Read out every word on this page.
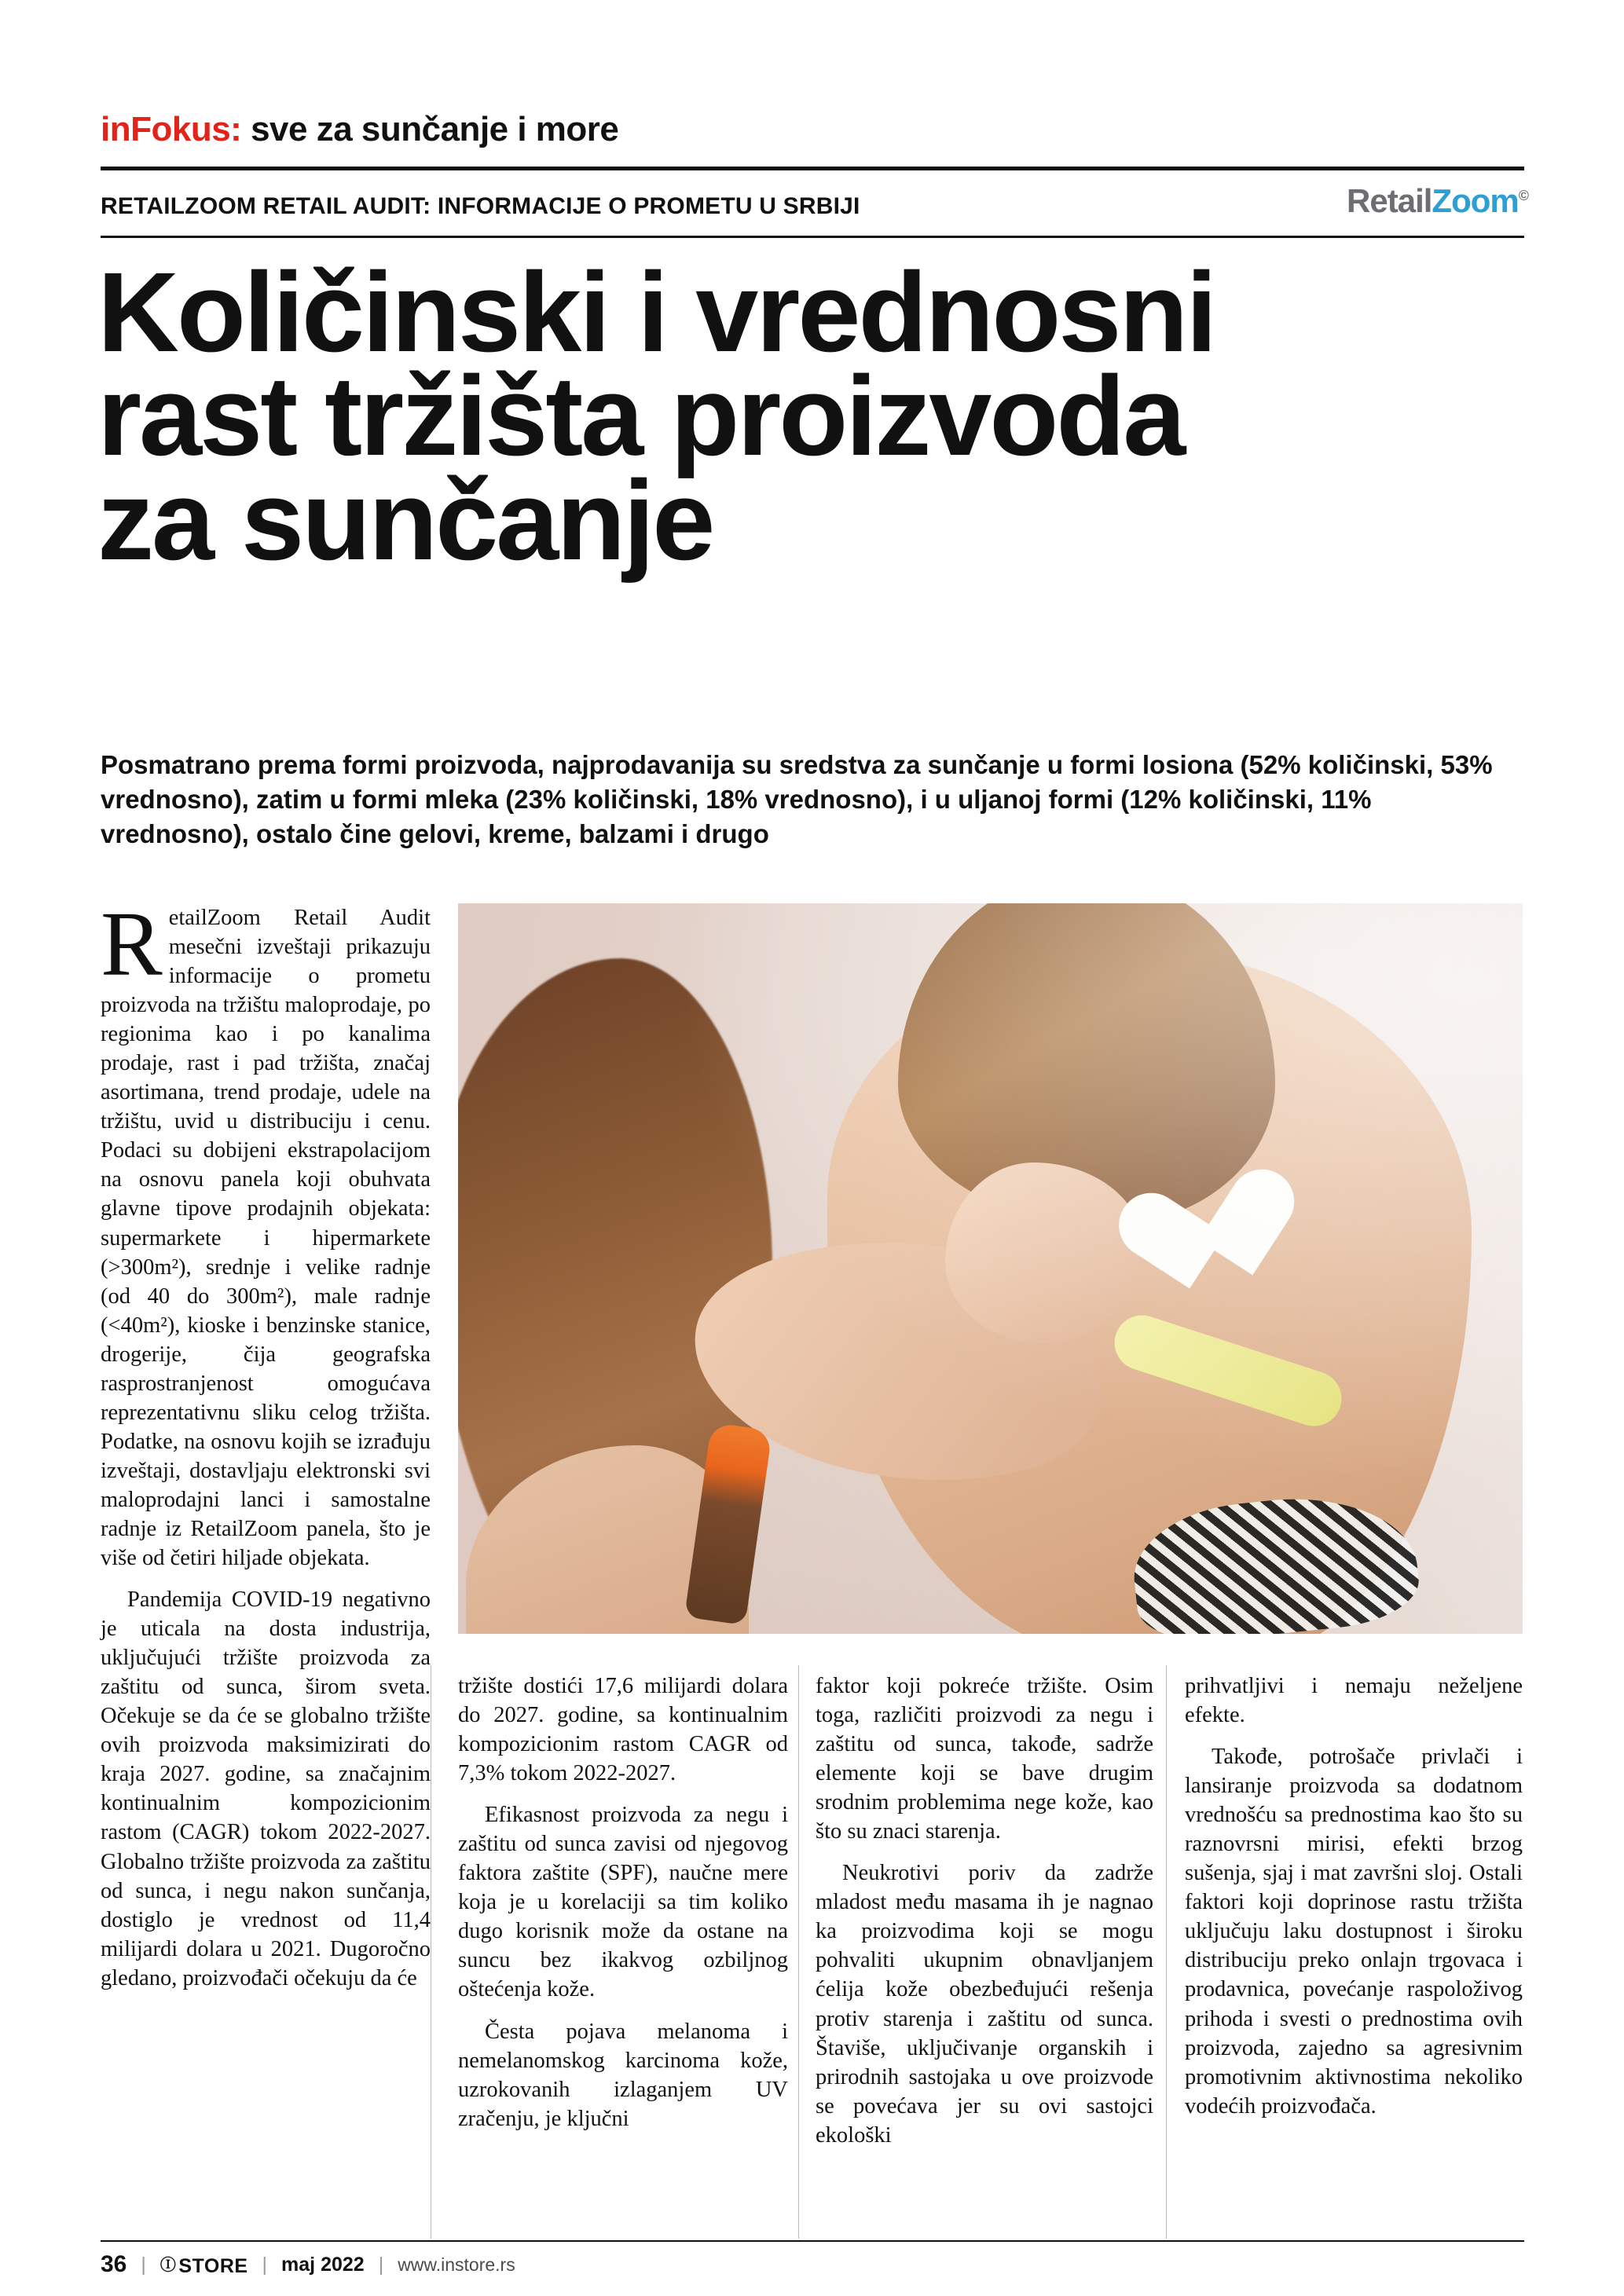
inFokus: sve za sunčanje i more
RETAILZOOM RETAIL AUDIT: INFORMACIJE O PROMETU U SRBIJI	RetailZoom©
Količinski i vrednosni
rast tržišta proizvoda
za sunčanje
Posmatrano prema formi proizvoda, najprodavanija su sredstva za sunčanje u formi losiona (52% količinski, 53% vrednosno), zatim u formi mleka (23% količinski, 18% vrednosno), i u uljanoj formi (12% količinski, 11% vrednosno), ostalo čine gelovi, kreme, balzami i drugo

RetailZoom Retail Audit mesečni izveštaji prikazuju informacije o prometu proizvoda na tržištu maloprodaje, po regionima kao i po kanalima prodaje, rast i pad tržišta, značaj asortimana, trend prodaje, udele na tržištu, uvid u distribuciju i cenu. Podaci su dobijeni ekstrapolacijom na osnovu panela koji obuhvata glavne tipove prodajnih objekata: supermarkete i hipermarkete (>300m²), srednje i velike radnje (od 40 do 300m²), male radnje (<40m²), kioske i benzinske stanice, drogerije, čija geografska rasprostranjenost omogućava reprezentativnu sliku celog tržišta. Podatke, na osnovu kojih se izrađuju izveštaji, dostavljaju elektronski svi maloprodajni lanci i samostalne radnje iz RetailZoom panela, što je više od četiri hiljade objekata.

Pandemija COVID-19 negativno je uticala na dosta industrija, uključujući tržište proizvoda za zaštitu od sunca, širom sveta. Očekuje se da će se globalno tržište ovih proizvoda maksimizirati do kraja 2027. godine, sa značajnim kontinualnim kompozicionim rastom (CAGR) tokom 2022-2027. Globalno tržište proizvoda za zaštitu od sunca, i negu nakon sunčanja, dostiglo je vrednost od 11,4 milijardi dolara u 2021. Dugoročno gledano, proizvođači očekuju da će

tržište dostići 17,6 milijardi dolara do 2027. godine, sa kontinualnim kompozicionim rastom CAGR od 7,3% tokom 2022-2027.

Efikasnost proizvoda za negu i zaštitu od sunca zavisi od njegovog faktora zaštite (SPF), naučne mere koja je u korelaciji sa tim koliko dugo korisnik može da ostane na suncu bez ikakvog ozbiljnog oštećenja kože.

Česta pojava melanoma i nemelanomskog karcinoma kože, uzrokovanih izlaganjem UV zračenju, je ključni

faktor koji pokreće tržište. Osim toga, različiti proizvodi za negu i zaštitu od sunca, takođe, sadrže elemente koji se bave drugim srodnim problemima nege kože, kao što su znaci starenja.

Neukrotivi poriv da zadrže mladost među masama ih je nagnao ka proizvodima koji se mogu pohvaliti ukupnim obnavljanjem ćelija kože obezbeđujući rešenja protiv starenja i zaštitu od sunca. Štaviše, uključivanje organskih i prirodnih sastojaka u ove proizvode se povećava jer su ovi sastojci ekološki

prihvatljivi i nemaju neželjene efekte.

Takođe, potrošače privlači i lansiranje proizvoda sa dodatnom vrednošću sa prednostima kao što su raznovrsni mirisi, efekti brzog sušenja, sjaj i mat završni sloj. Ostali faktori koji doprinose rastu tržišta uključuju laku dostupnost i široku distribuciju preko onlajn trgovaca i prodavnica, povećanje raspoloživog prihoda i svesti o prednostima ovih proizvoda, zajedno sa agresivnim promotivnim aktivnostima nekoliko vodećih proizvođača.

36 | Ⓘ STORE | maj 2022 | www.instore.rs
